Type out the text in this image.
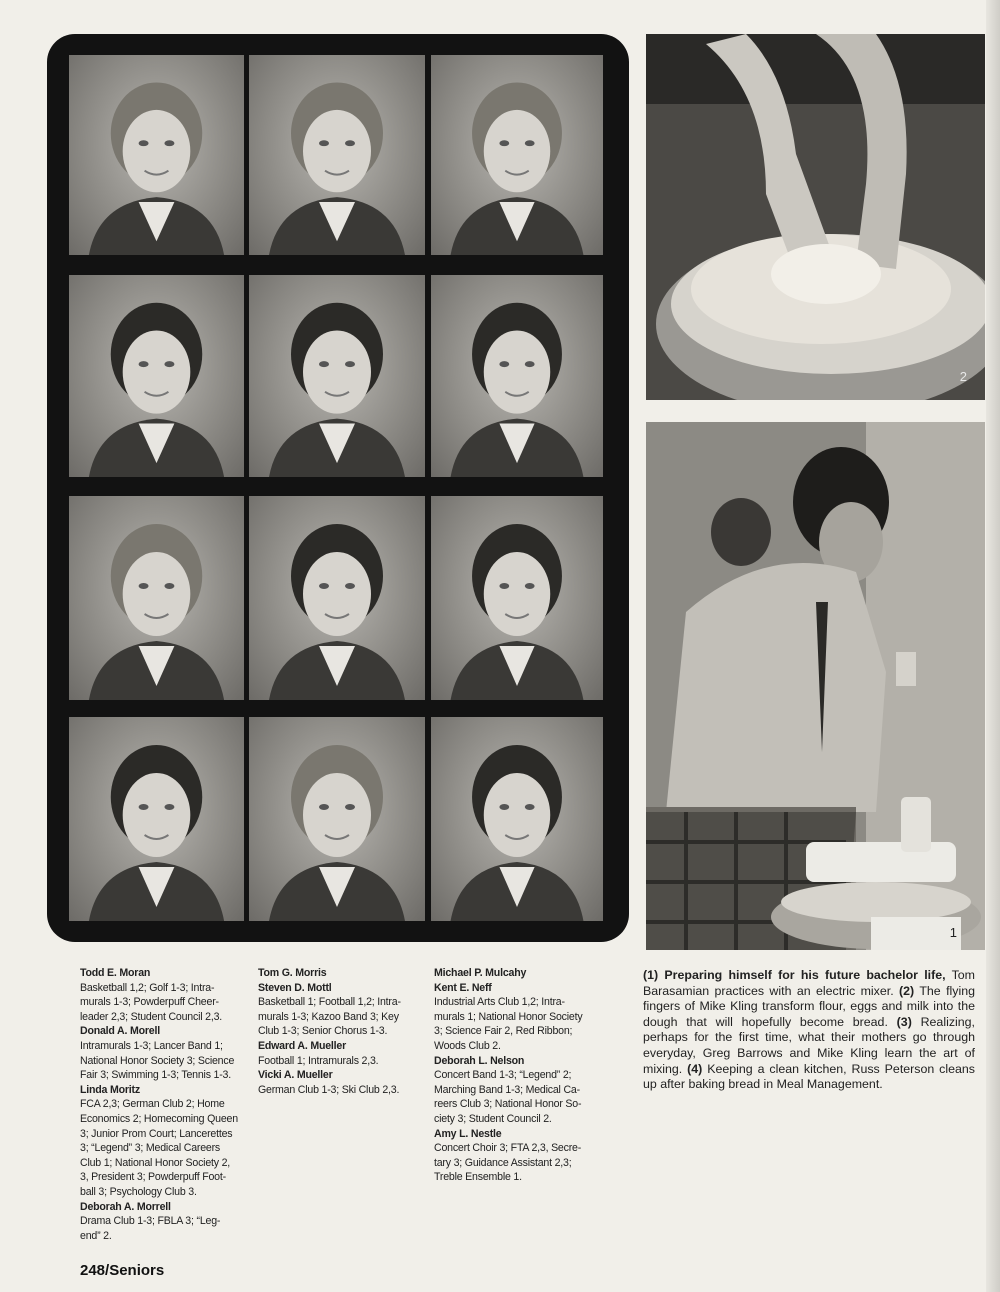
2
1
Todd E. Moran
Basketball 1,2; Golf 1-3; Intra-
murals 1-3; Powderpuff Cheer-
leader 2,3; Student Council 2,3.
Donald A. Morell
Intramurals 1-3; Lancer Band 1;
National Honor Society 3; Science
Fair 3; Swimming 1-3; Tennis 1-3.
Linda Moritz
FCA 2,3; German Club 2; Home
Economics 2; Homecoming Queen
3; Junior Prom Court; Lancerettes
3; “Legend” 3; Medical Careers
Club 1; National Honor Society 2,
3, President 3; Powderpuff Foot-
ball 3; Psychology Club 3.
Deborah A. Morrell
Drama Club 1-3; FBLA 3; “Leg-
end” 2.
Tom G. Morris
Steven D. Mottl
Basketball 1; Football 1,2; Intra-
murals 1-3; Kazoo Band 3; Key
Club 1-3; Senior Chorus 1-3.
Edward A. Mueller
Football 1; Intramurals 2,3.
Vicki A. Mueller
German Club 1-3; Ski Club 2,3.
Michael P. Mulcahy
Kent E. Neff
Industrial Arts Club 1,2; Intra-
murals 1; National Honor Society
3; Science Fair 2, Red Ribbon;
Woods Club 2.
Deborah L. Nelson
Concert Band 1-3; “Legend” 2;
Marching Band 1-3; Medical Ca-
reers Club 3; National Honor So-
ciety 3; Student Council 2.
Amy L. Nestle
Concert Choir 3; FTA 2,3, Secre-
tary 3; Guidance Assistant 2,3;
Treble Ensemble 1.
(1) Preparing himself for his future bachelor life, Tom Barasamian practices with an electric mixer. (2) The flying fingers of Mike Kling transform flour, eggs and milk into the dough that will hopefully become bread. (3) Realizing, perhaps for the first time, what their mothers go through everyday, Greg Barrows and Mike Kling learn the art of mixing. (4) Keeping a clean kitchen, Russ Peterson cleans up after baking bread in Meal Management.
248/Seniors
